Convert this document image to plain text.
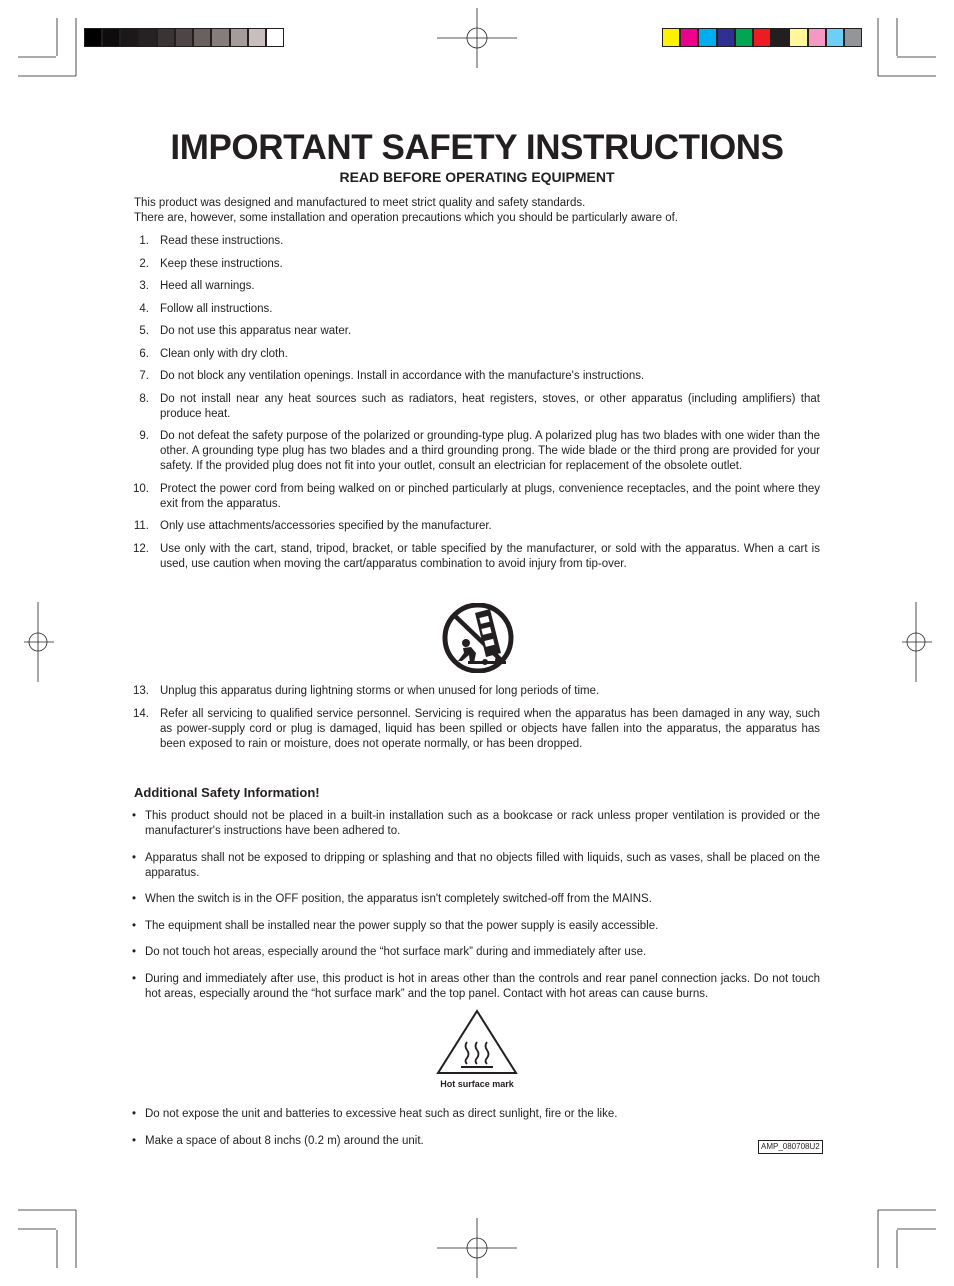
IMPORTANT SAFETY INSTRUCTIONS
READ BEFORE OPERATING EQUIPMENT

This product was designed and manufactured to meet strict quality and safety standards.

There are, however, some installation and operation precautions which you should be particularly aware of.

1. Read these instructions.
2. Keep these instructions.
3. Heed all warnings.
4. Follow all instructions.
5. Do not use this apparatus near water.
6. Clean only with dry cloth.
7. Do not block any ventilation openings. Install in accordance with the manufacture's instructions.
8. Do not install near any heat sources such as radiators, heat registers, stoves, or other apparatus (including amplifiers) that produce heat.
9. Do not defeat the safety purpose of the polarized or grounding-type plug. A polarized plug has two blades with one wider than the other. A grounding type plug has two blades and a third grounding prong. The wide blade or the third prong are provided for your safety. If the provided plug does not fit into your outlet, consult an electrician for replacement of the obsolete outlet.
10. Protect the power cord from being walked on or pinched particularly at plugs, convenience receptacles, and the point where they exit from the apparatus.
11. Only use attachments/accessories specified by the manufacturer.
12. Use only with the cart, stand, tripod, bracket, or table specified by the manufacturer, or sold with the apparatus. When a cart is used, use caution when moving the cart/apparatus combination to avoid injury from tip-over.
13. Unplug this apparatus during lightning storms or when unused for long periods of time.
14. Refer all servicing to qualified service personnel. Servicing is required when the apparatus has been damaged in any way, such as power-supply cord or plug is damaged, liquid has been spilled or objects have fallen into the apparatus, the apparatus has been exposed to rain or moisture, does not operate normally, or has been dropped.
Additional Safety Information!
• This product should not be placed in a built-in installation such as a bookcase or rack unless proper ventilation is provided or the manufacturer's instructions have been adhered to.
• Apparatus shall not be exposed to dripping or splashing and that no objects filled with liquids, such as vases, shall be placed on the apparatus.
• When the switch is in the OFF position, the apparatus isn't completely switched-off from the MAINS.
• The equipment shall be installed near the power supply so that the power supply is easily accessible.
• Do not touch hot areas, especially around the “hot surface mark” during and immediately after use.
• During and immediately after use, this product is hot in areas other than the controls and rear panel connection jacks. Do not touch hot areas, especially around the “hot surface mark” and the top panel. Contact with hot areas can cause burns.
Hot surface mark
• Do not expose the unit and batteries to excessive heat such as direct sunlight, fire or the like.
• Make a space of about 8 inchs (0.2 m) around the unit.	AMP_080708U2
